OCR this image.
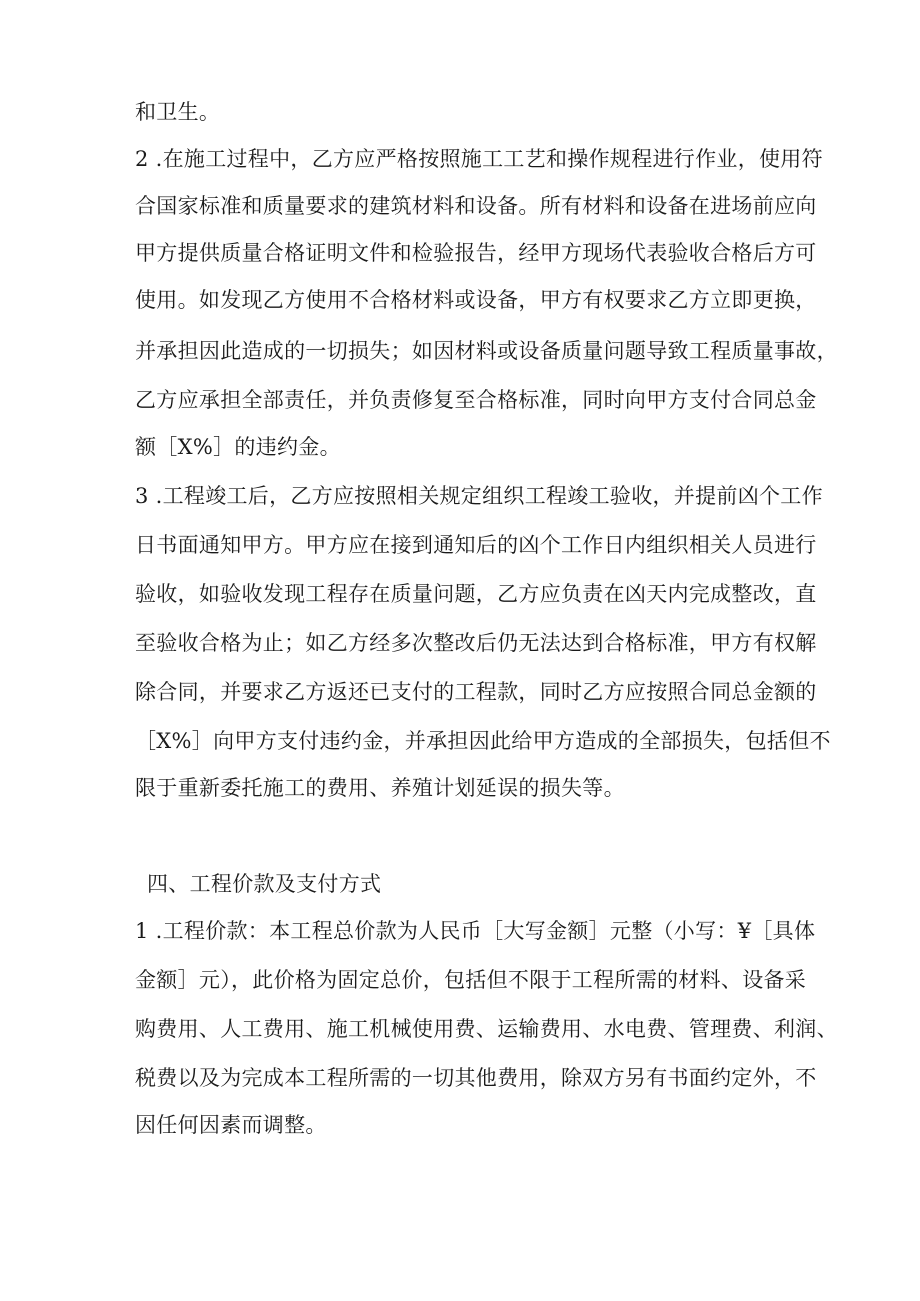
和卫生。
2 .在施工过程中，乙方应严格按照施工工艺和操作规程进行作业，使用符
合国家标准和质量要求的建筑材料和设备。所有材料和设备在进场前应向
甲方提供质量合格证明文件和检验报告，经甲方现场代表验收合格后方可
使用。如发现乙方使用不合格材料或设备，甲方有权要求乙方立即更换，
并承担因此造成的一切损失；如因材料或设备质量问题导致工程质量事故，
乙方应承担全部责任，并负责修复至合格标准，同时向甲方支付合同总金
额［X%］的违约金。
3 .工程竣工后，乙方应按照相关规定组织工程竣工验收，并提前凶个工作
日书面通知甲方。甲方应在接到通知后的凶个工作日内组织相关人员进行
验收，如验收发现工程存在质量问题，乙方应负责在凶天内完成整改，直
至验收合格为止；如乙方经多次整改后仍无法达到合格标准，甲方有权解
除合同，并要求乙方返还已支付的工程款，同时乙方应按照合同总金额的
［X%］向甲方支付违约金，并承担因此给甲方造成的全部损失，包括但不
限于重新委托施工的费用、养殖计划延误的损失等。
四、工程价款及支付方式
1 .工程价款：本工程总价款为人民币［大写金额］元整（小写：¥［具体
金额］元），此价格为固定总价，包括但不限于工程所需的材料、设备采
购费用、人工费用、施工机械使用费、运输费用、水电费、管理费、利润、
税费以及为完成本工程所需的一切其他费用，除双方另有书面约定外，不
因任何因素而调整。
